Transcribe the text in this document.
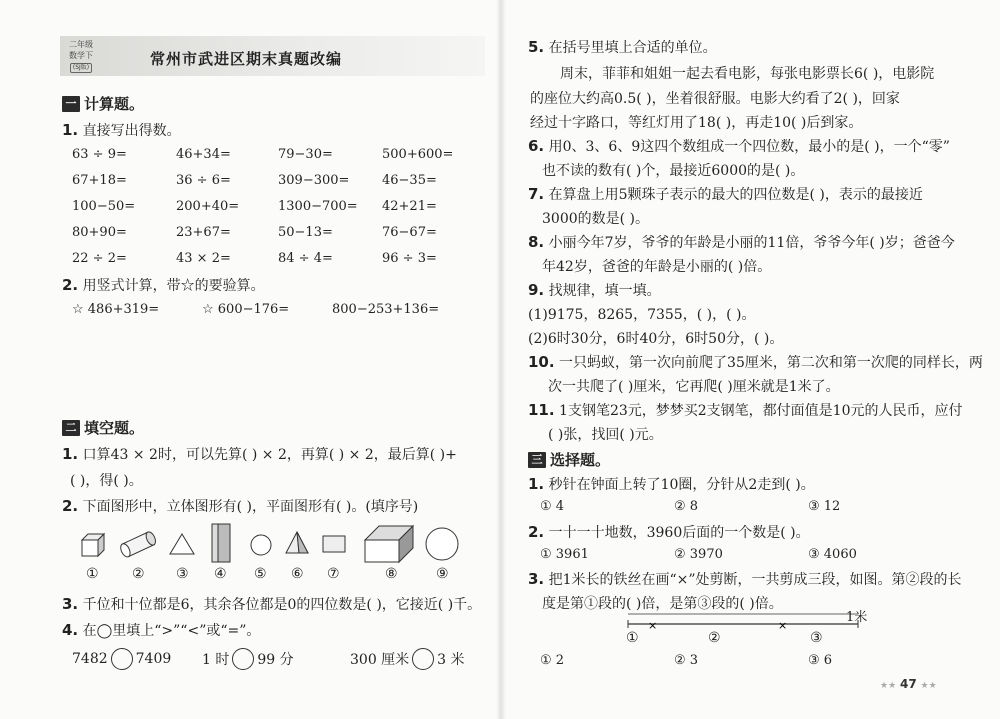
二年级
数学下
(SJ版)	常州市武进区期末真题改编
一 计算题。
1. 直接写出得数。
63 ÷ 9=	46+34=	79−30=	500+600=
67+18=	36 ÷ 6=	309−300=	46−35=
100−50=	200+40=	1300−700= 42+21=
80+90=	23+67=	50−13=	76−67=
22 ÷ 2=	43 × 2=	84 ÷ 4=	96 ÷ 3=
2. 用竖式计算，带☆的要验算。
☆ 486+319=	☆ 600−176=	800−253+136=
二 填空题。
1. 口算43 × 2时，可以先算( ) × 2，再算( ) × 2，最后算( )+
( )，得( )。
2. 下面图形中，立体图形有( )，平面图形有( )。(填序号)
① ② ③ ④ ⑤ ⑥ ⑦	⑧	⑨
3. 千位和十位都是6，其余各位都是0的四位数是( )，它接近( )千。
4. 在◯里填上“>”“<”或“=”。
7482 7409 1 时 99 分	300 厘米 3 米
5. 在括号里填上合适的单位。
周末，菲菲和姐姐一起去看电影，每张电影票长6( )，电影院
的座位大约高0.5( )，坐着很舒服。电影大约看了2( )，回家
经过十字路口，等红灯用了18( )，再走10( )后到家。
6. 用0、3、6、9这四个数组成一个四位数，最小的是( )，一个“零”
也不读的数有( )个，最接近6000的是( )。
7. 在算盘上用5颗珠子表示的最大的四位数是( )，表示的最接近
3000的数是( )。
8. 小丽今年7岁，爷爷的年龄是小丽的11倍，爷爷今年( )岁；爸爸今
年42岁，爸爸的年龄是小丽的( )倍。
9. 找规律，填一填。
(1)9175，8265，7355，( )，( )。
(2)6时30分，6时40分，6时50分，( )。
10. 一只蚂蚁，第一次向前爬了35厘米，第二次和第一次爬的同样长，两
次一共爬了( )厘米，它再爬( )厘米就是1米了。
11. 1支钢笔23元，梦梦买2支钢笔，都付面值是10元的人民币，应付
( )张，找回( )元。
三 选择题。
1. 秒针在钟面上转了10圈，分针从2走到( )。
① 4	② 8	③ 12
2. 一十一十地数，3960后面的一个数是( )。
① 3961	② 3970	③ 4060
3. 把1米长的铁丝在画“×”处剪断，一共剪成三段，如图。第②段的长
度是第①段的( )倍，是第③段的( )倍。
×	×
1米
①	②	③
① 2	② 3	③ 6
★★ 47 ★★
